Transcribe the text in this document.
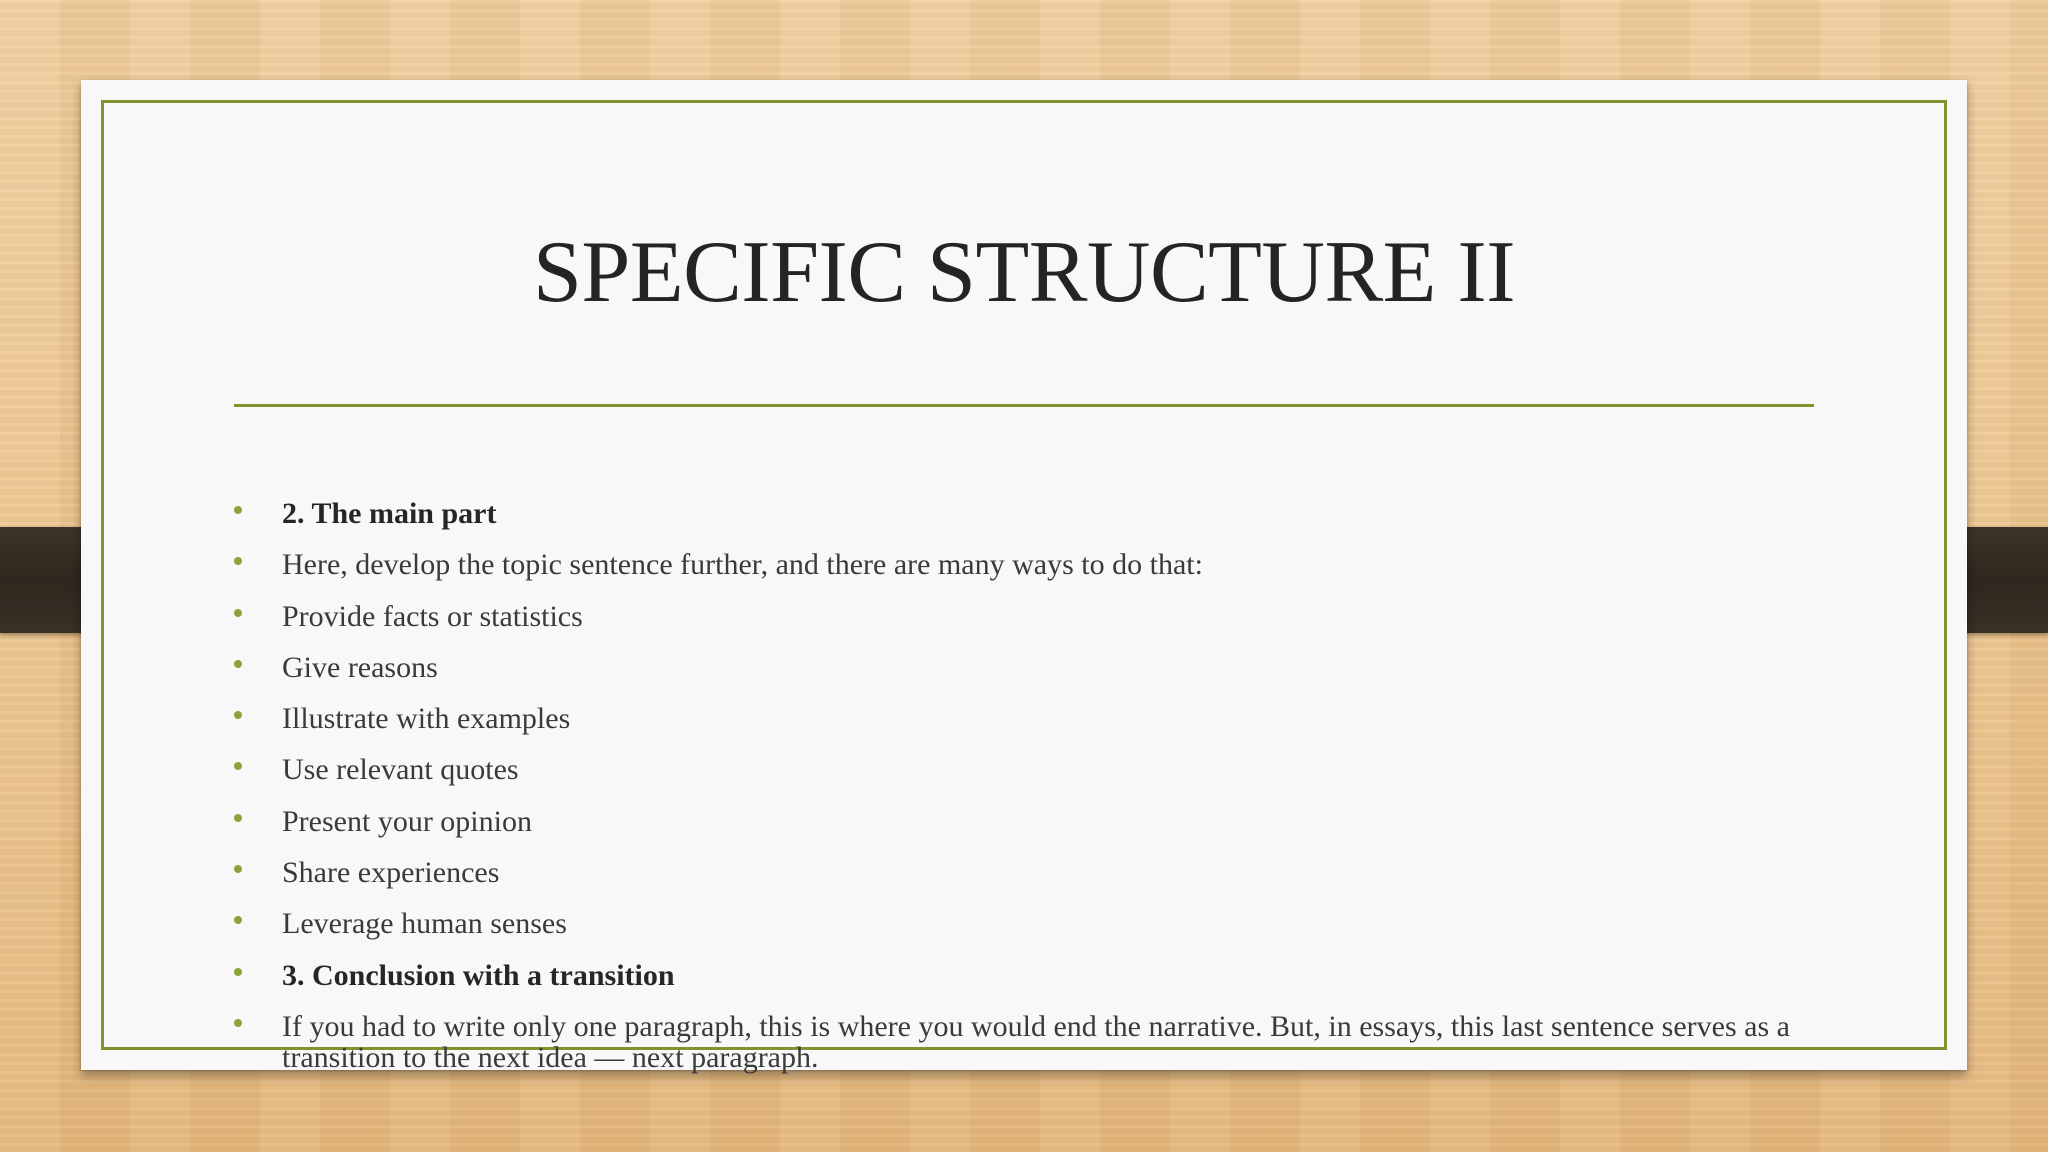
SPECIFIC STRUCTURE II
2. The main part
Here, develop the topic sentence further, and there are many ways to do that:
Provide facts or statistics
Give reasons
Illustrate with examples
Use relevant quotes
Present your opinion
Share experiences
Leverage human senses
3. Conclusion with a transition
If you had to write only one paragraph, this is where you would end the narrative. But, in essays, this last sentence serves as a transition to the next idea — next paragraph.
